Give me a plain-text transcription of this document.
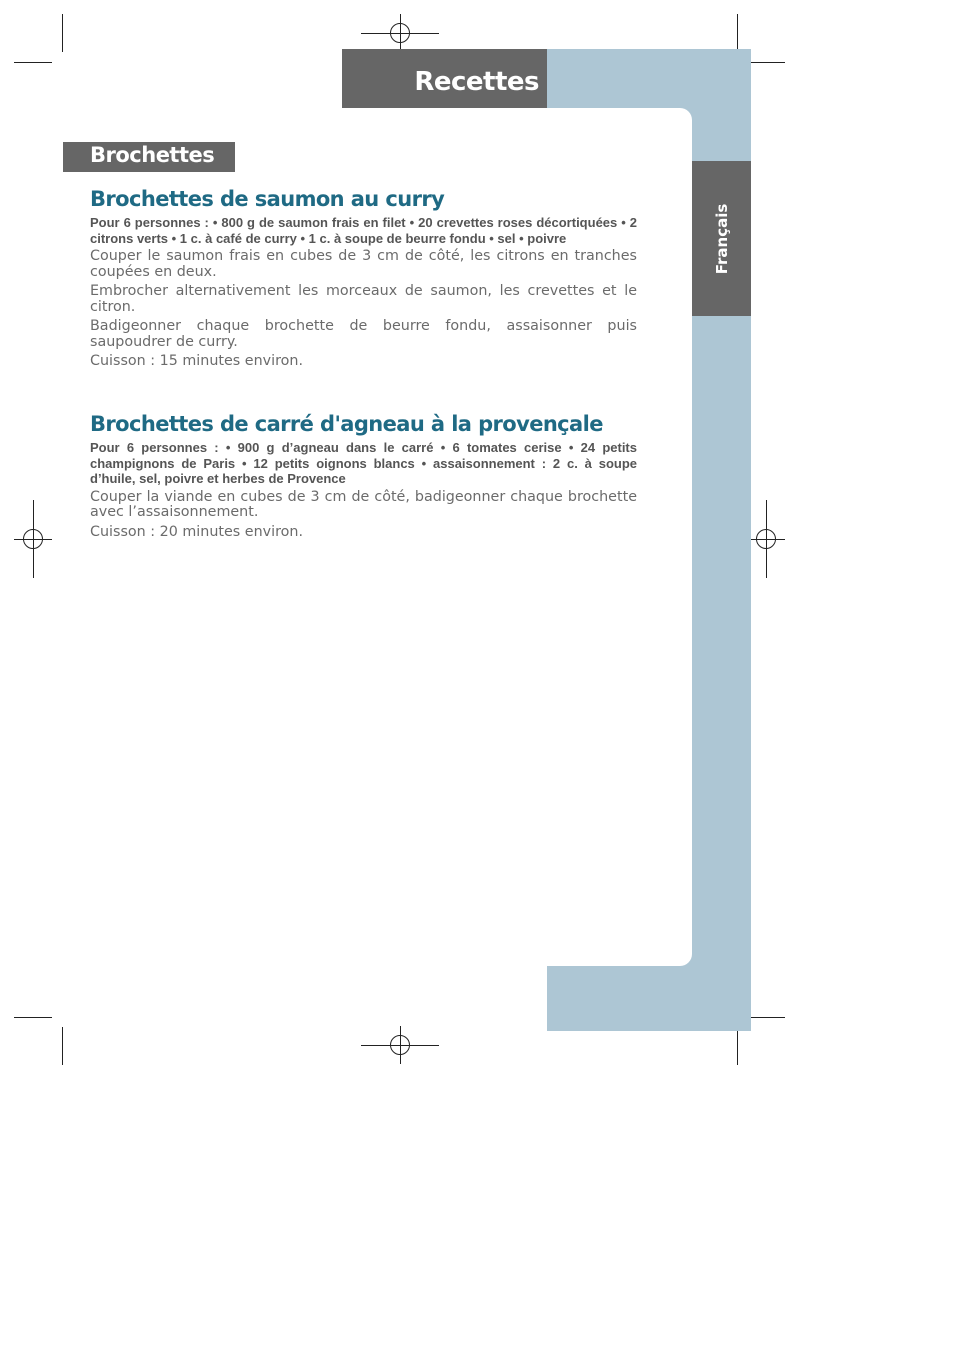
Recettes
Français
Brochettes
Brochettes de saumon au curry

Pour 6 personnes : • 800 g de saumon frais en filet • 20 crevettes roses décortiquées • 2 citrons verts • 1 c. à café de curry • 1 c. à soupe de beurre fondu • sel • poivre

Couper le saumon frais en cubes de 3 cm de côté, les citrons en tranches coupées en deux.

Embrocher alternativement les morceaux de saumon, les crevettes et le citron.

Badigeonner chaque brochette de beurre fondu, assaisonner puis saupoudrer de curry.

Cuisson : 15 minutes environ.

Brochettes de carré d'agneau à la provençale

Pour 6 personnes : • 900 g d’agneau dans le carré • 6 tomates cerise • 24 petits champignons de Paris • 12 petits oignons blancs • assaisonnement : 2 c. à soupe d’huile, sel, poivre et herbes de Provence

Couper la viande en cubes de 3 cm de côté, badigeonner chaque brochette avec l’assaisonnement.

Cuisson : 20 minutes environ.
